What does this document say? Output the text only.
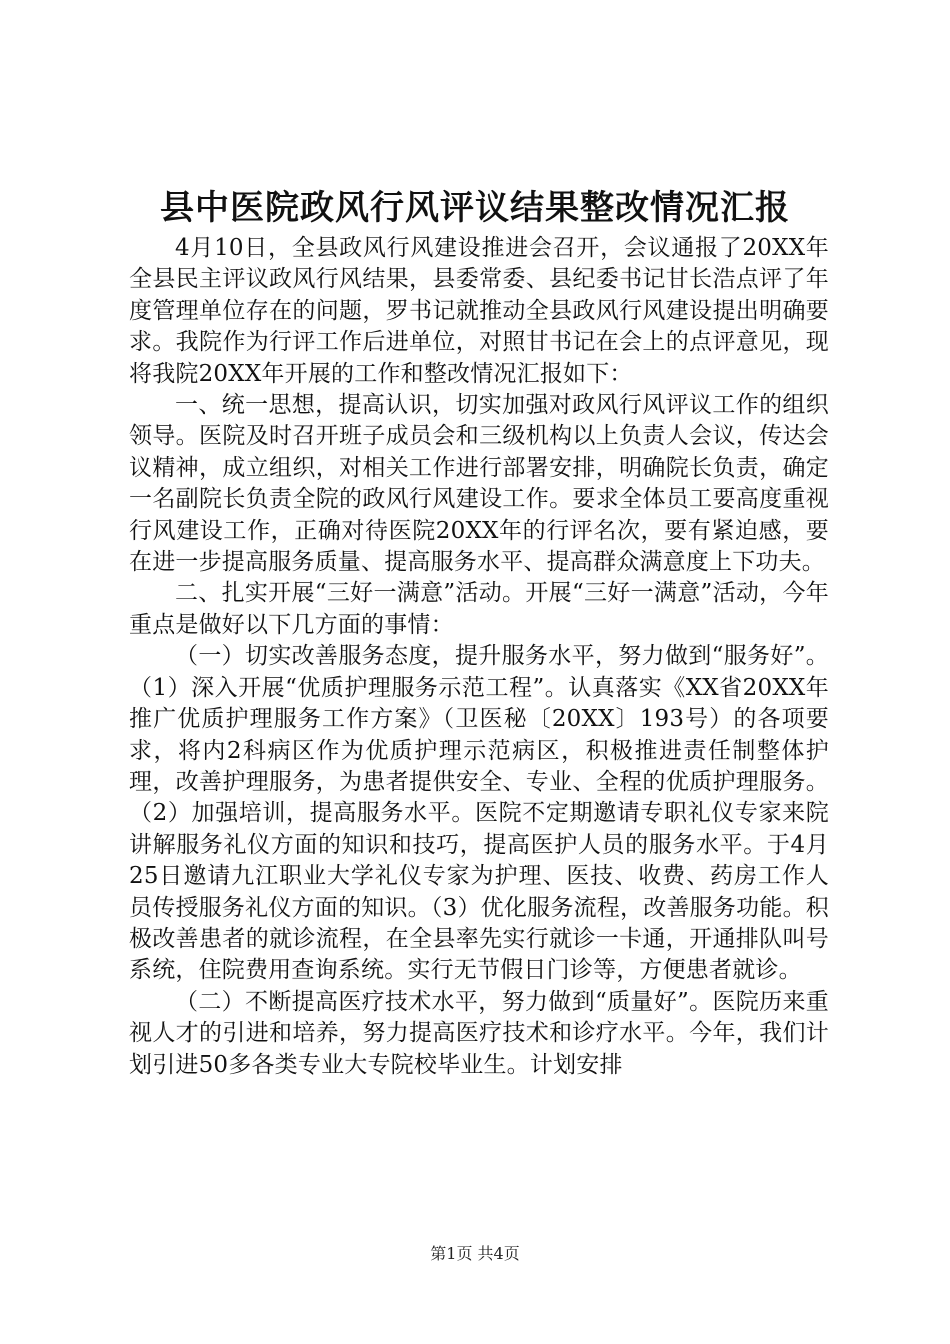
县中医院政风行风评议结果整改情况汇报

4月10日，全县政风行风建设推进会召开，会议通报了20XX年全县民主评议政风行风结果，县委常委、县纪委书记甘长浩点评了年度管理单位存在的问题，罗书记就推动全县政风行风建设提出明确要求。我院作为行评工作后进单位，对照甘书记在会上的点评意见，现将我院20XX年开展的工作和整改情况汇报如下：

一、统一思想，提高认识，切实加强对政风行风评议工作的组织领导。医院及时召开班子成员会和三级机构以上负责人会议，传达会议精神，成立组织，对相关工作进行部署安排，明确院长负责，确定一名副院长负责全院的政风行风建设工作。要求全体员工要高度重视行风建设工作，正确对待医院20XX年的行评名次，要有紧迫感，要在进一步提高服务质量、提高服务水平、提高群众满意度上下功夫。

二、扎实开展“三好一满意”活动。开展“三好一满意”活动，今年重点是做好以下几方面的事情：

（一）切实改善服务态度，提升服务水平，努力做到“服务好”。（1）深入开展“优质护理服务示范工程”。认真落实《XX省20XX年推广优质护理服务工作方案》（卫医秘〔20XX〕193号）的各项要求，将内2科病区作为优质护理示范病区，积极推进责任制整体护理，改善护理服务，为患者提供安全、专业、全程的优质护理服务。（2）加强培训，提高服务水平。医院不定期邀请专职礼仪专家来院讲解服务礼仪方面的知识和技巧，提高医护人员的服务水平。于4月25日邀请九江职业大学礼仪专家为护理、医技、收费、药房工作人员传授服务礼仪方面的知识。（3）优化服务流程，改善服务功能。积极改善患者的就诊流程，在全县率先实行就诊一卡通，开通排队叫号系统，住院费用查询系统。实行无节假日门诊等，方便患者就诊。

（二）不断提高医疗技术水平，努力做到“质量好”。医院历来重视人才的引进和培养，努力提高医疗技术和诊疗水平。今年，我们计划引进50多各类专业大专院校毕业生。计划安排

第1页 共4页
